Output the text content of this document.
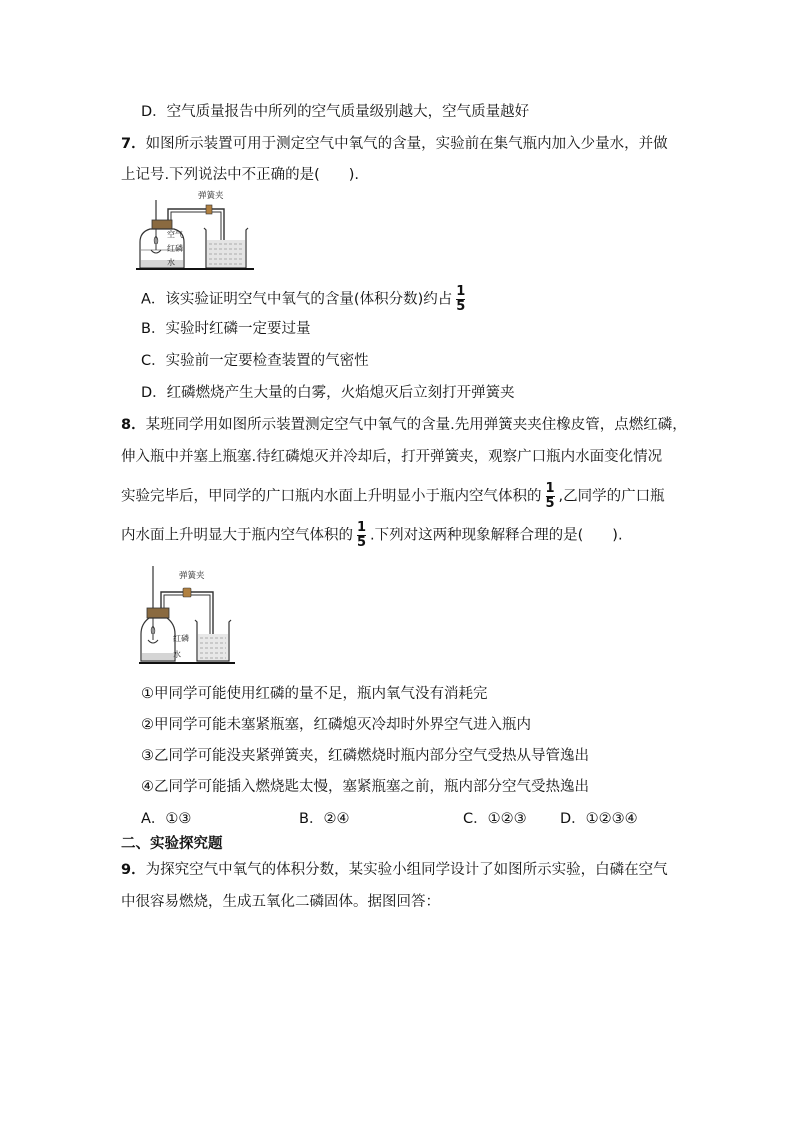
D．空气质量报告中所列的空气质量级别越大，空气质量越好
7．如图所示装置可用于测定空气中氧气的含量，实验前在集气瓶内加入少量水，并做
上记号.下列说法中不正确的是(　　).
弹簧夹
空气
红磷
水
A．该实验证明空气中氧气的含量(体积分数)约占 $\frac{1}{5}$
B．实验时红磷一定要过量
C．实验前一定要检查装置的气密性
D．红磷燃烧产生大量的白雾，火焰熄灭后立刻打开弹簧夹
8．某班同学用如图所示装置测定空气中氧气的含量.先用弹簧夹夹住橡皮管，点燃红磷，
伸入瓶中并塞上瓶塞.待红磷熄灭并冷却后，打开弹簧夹，观察广口瓶内水面变化情况
实验完毕后，甲同学的广口瓶内水面上升明显小于瓶内空气体积的 $\frac{1}{5}$ ,乙同学的广口瓶
内水面上升明显大于瓶内空气体积的 $\frac{1}{5}$ .下列对这两种现象解释合理的是(　　).
弹簧夹
红磷
水
①甲同学可能使用红磷的量不足，瓶内氧气没有消耗完
②甲同学可能未塞紧瓶塞，红磷熄灭冷却时外界空气进入瓶内
③乙同学可能没夹紧弹簧夹，红磷燃烧时瓶内部分空气受热从导管逸出
④乙同学可能插入燃烧匙太慢，塞紧瓶塞之前，瓶内部分空气受热逸出
A．①③	B．②④	C．①②③ D．①②③④
二、实验探究题
9．为探究空气中氧气的体积分数，某实验小组同学设计了如图所示实验，白磷在空气
中很容易燃烧，生成五氧化二磷固体。据图回答：
